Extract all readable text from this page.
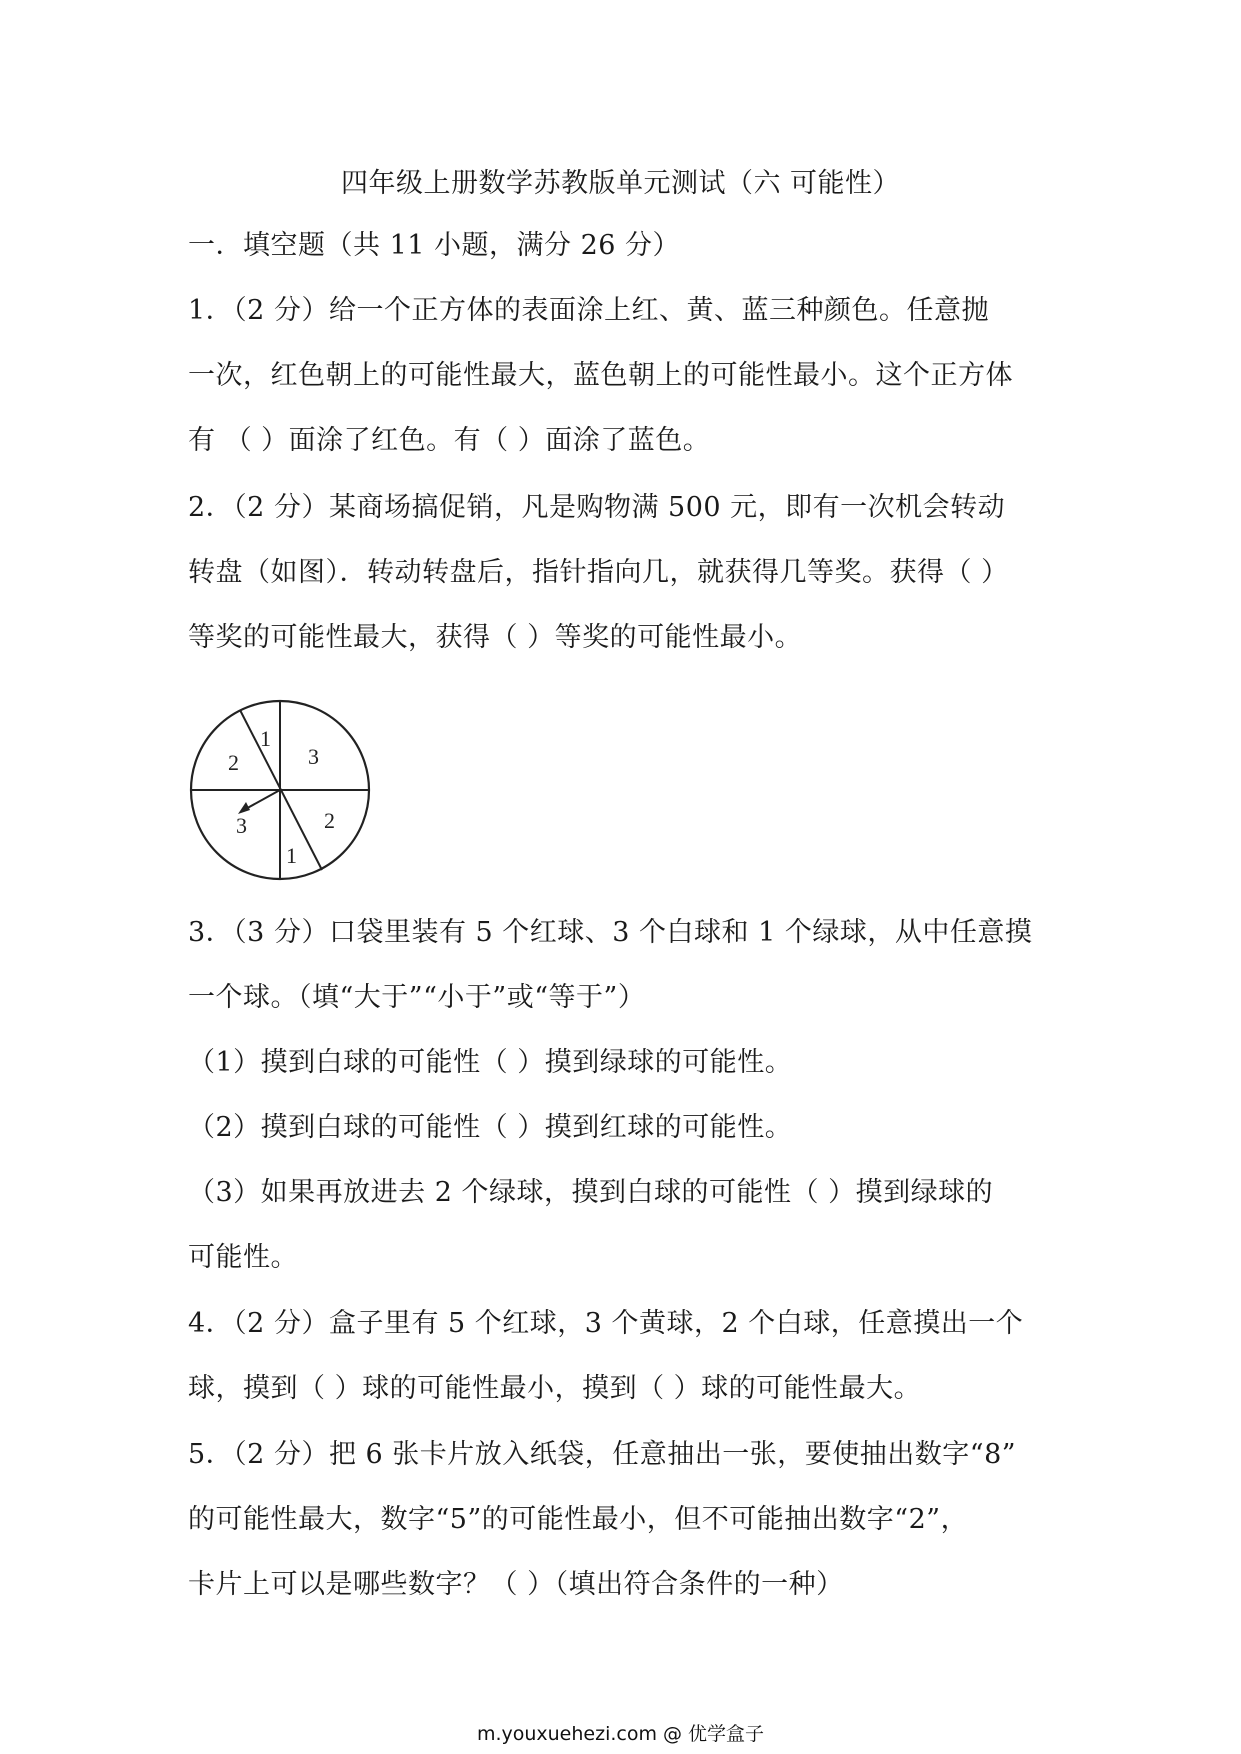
四年级上册数学苏教版单元测试（六 可能性）
一．填空题（共 11 小题，满分 26 分）
1．（2 分）给一个正方体的表面涂上红、黄、蓝三种颜色。任意抛
一次，红色朝上的可能性最大，蓝色朝上的可能性最小。这个正方体
有 （ ）面涂了红色。有（ ）面涂了蓝色。
2．（2 分）某商场搞促销，凡是购物满 500 元，即有一次机会转动
转盘（如图）．转动转盘后，指针指向几，就获得几等奖。获得（ ）
等奖的可能性最大，获得（ ）等奖的可能性最小。
1
2	3
3	2
1
3．（3 分）口袋里装有 5 个红球、3 个白球和 1 个绿球，从中任意摸
一个球。（填“大于”“小于”或“等于”）
（1）摸到白球的可能性（ ）摸到绿球的可能性。
（2）摸到白球的可能性（ ）摸到红球的可能性。
（3）如果再放进去 2 个绿球，摸到白球的可能性（ ）摸到绿球的
可能性。
4．（2 分）盒子里有 5 个红球，3 个黄球，2 个白球，任意摸出一个
球，摸到（ ）球的可能性最小，摸到（ ）球的可能性最大。
5．（2 分）把 6 张卡片放入纸袋，任意抽出一张，要使抽出数字“8”
的可能性最大，数字“5”的可能性最小，但不可能抽出数字“2”，
卡片上可以是哪些数字？（ ）（填出符合条件的一种）
m.youxuehezi.com @ 优学盒子
